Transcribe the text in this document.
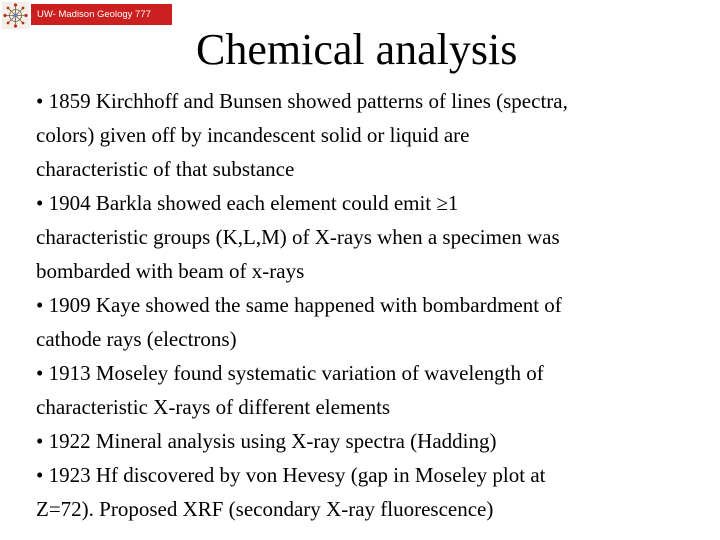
UW- Madison Geology 777
Chemical analysis
• 1859 Kirchhoff and Bunsen showed patterns of lines (spectra,
colors) given off by incandescent solid or liquid are
characteristic of that substance
• 1904 Barkla showed each element could emit ≥1
characteristic groups (K,L,M) of X-rays when a specimen was
bombarded with beam of x-rays
• 1909 Kaye showed the same happened with bombardment of
cathode rays (electrons)
• 1913 Moseley found systematic variation of wavelength of
characteristic X-rays of different elements
• 1922 Mineral analysis using X-ray spectra (Hadding)
• 1923 Hf discovered by von Hevesy (gap in Moseley plot at
Z=72). Proposed XRF (secondary X-ray fluorescence)
